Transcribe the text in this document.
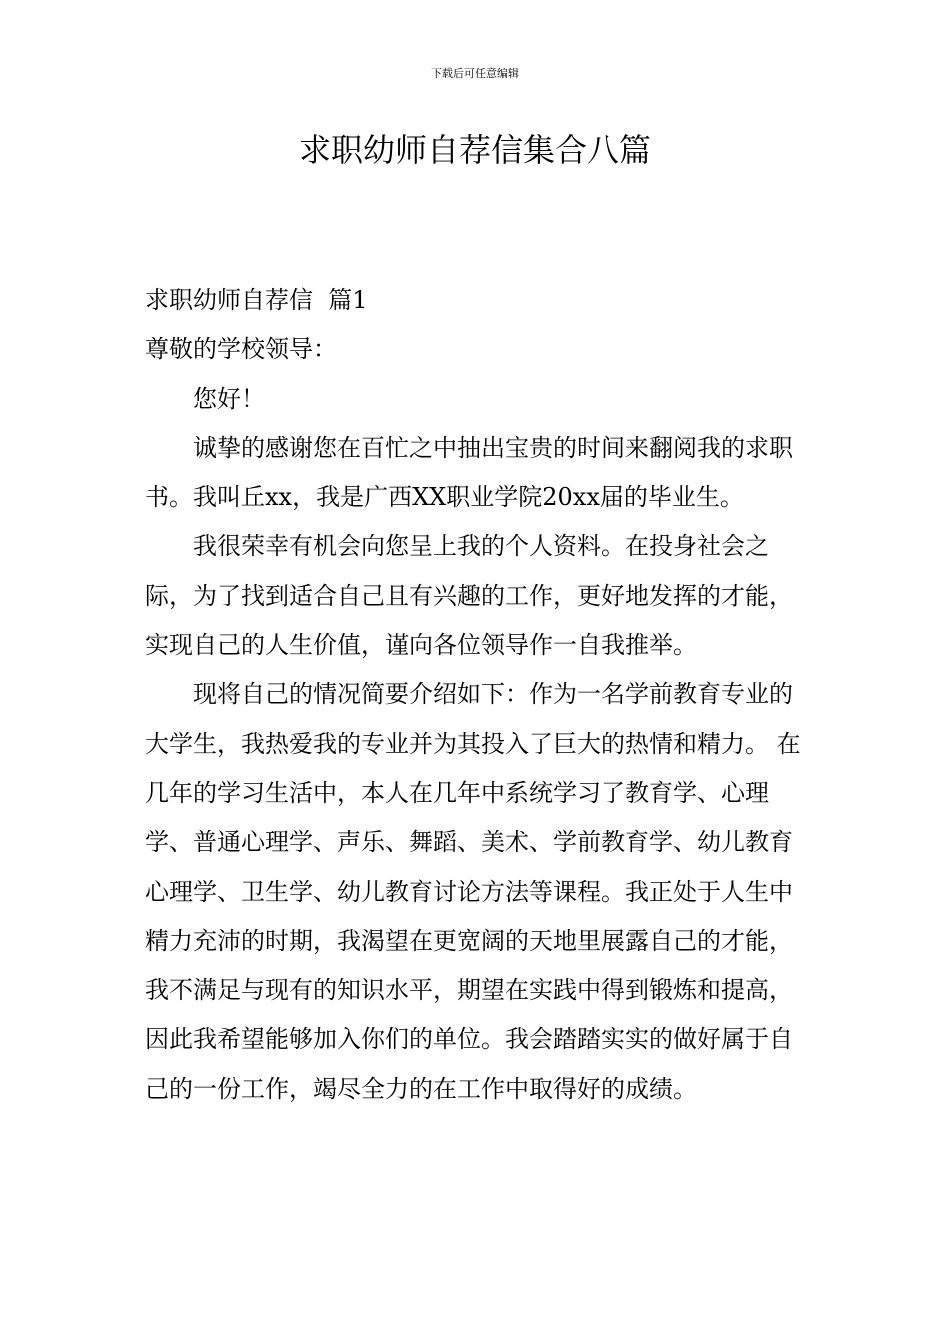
下载后可任意编辑
求职幼师自荐信集合八篇

求职幼师自荐信  篇1

尊敬的学校领导：

您好！

诚挚的感谢您在百忙之中抽出宝贵的时间来翻阅我的求职书。我叫丘xx，我是广西XX职业学院20xx届的毕业生。

我很荣幸有机会向您呈上我的个人资料。在投身社会之际，为了找到适合自己且有兴趣的工作，更好地发挥的才能，实现自己的人生价值，谨向各位领导作一自我推举。

现将自己的情况简要介绍如下：作为一名学前教育专业的大学生，我热爱我的专业并为其投入了巨大的热情和精力。 在几年的学习生活中，本人在几年中系统学习了教育学、心理学、普通心理学、声乐、舞蹈、美术、学前教育学、幼儿教育心理学、卫生学、幼儿教育讨论方法等课程。我正处于人生中精力充沛的时期，我渴望在更宽阔的天地里展露自己的才能，我不满足与现有的知识水平，期望在实践中得到锻炼和提高，因此我希望能够加入你们的单位。我会踏踏实实的做好属于自己的一份工作，竭尽全力的在工作中取得好的成绩。
